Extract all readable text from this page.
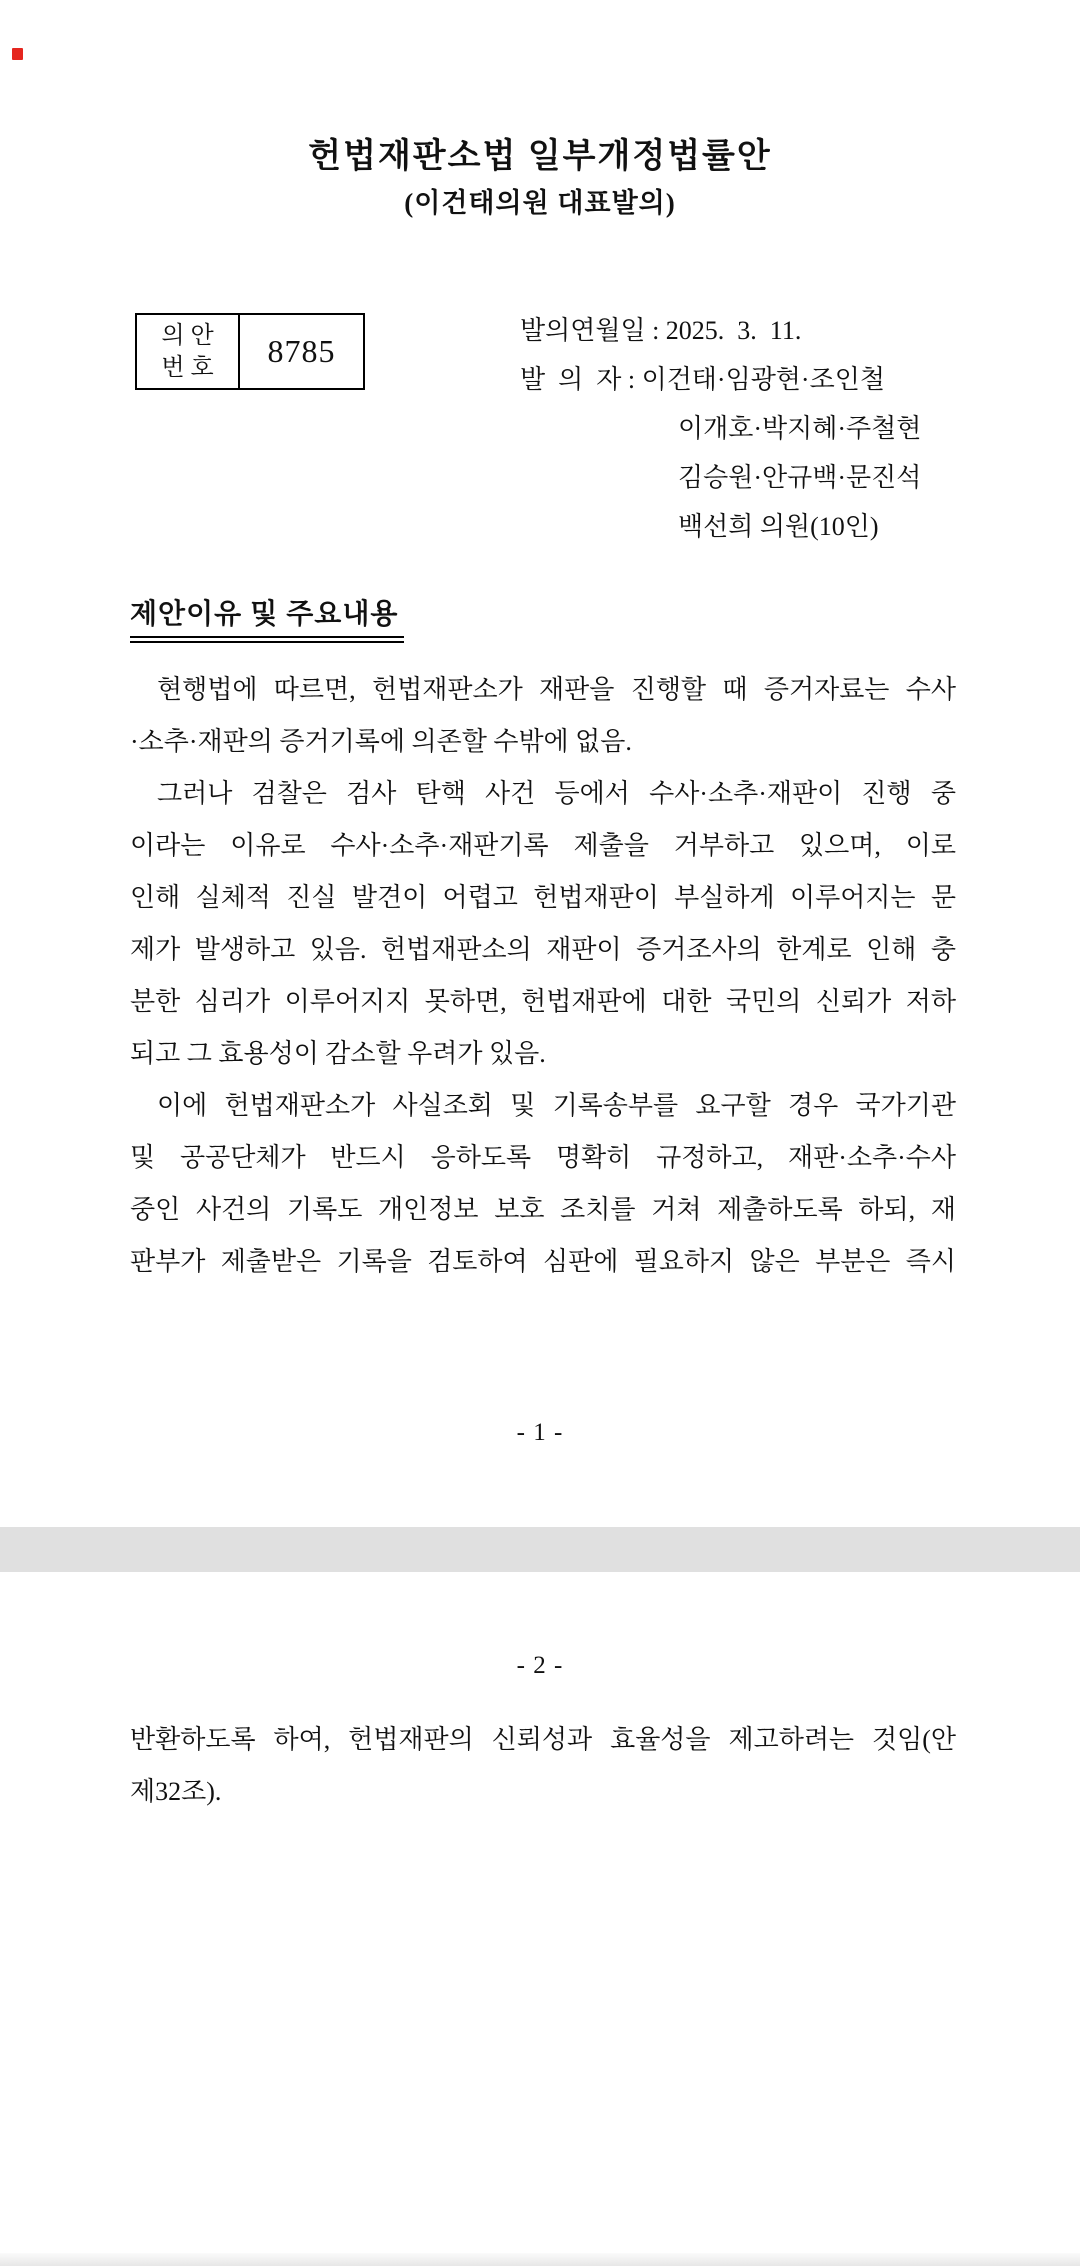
헌법재판소법 일부개정법률안
(이건태의원 대표발의)
의 안
번 호	8785
발의연월일 : 2025.  3.  11.
발  의  자 : 이건태·임광현·조인철
이개호·박지혜·주철현
김승원·안규백·문진석
백선희 의원(10인)
제안이유 및 주요내용
현행법에 따르면, 헌법재판소가 재판을 진행할 때 증거자료는 수사
·소추·재판의 증거기록에 의존할 수밖에 없음.
그러나 검찰은 검사 탄핵 사건 등에서 수사·소추·재판이 진행 중
이라는 이유로 수사·소추·재판기록 제출을 거부하고 있으며, 이로
인해 실체적 진실 발견이 어렵고 헌법재판이 부실하게 이루어지는 문
제가 발생하고 있음. 헌법재판소의 재판이 증거조사의 한계로 인해 충
분한 심리가 이루어지지 못하면, 헌법재판에 대한 국민의 신뢰가 저하
되고 그 효용성이 감소할 우려가 있음.
이에 헌법재판소가 사실조회 및 기록송부를 요구할 경우 국가기관
및 공공단체가 반드시 응하도록 명확히 규정하고, 재판·소추·수사
중인 사건의 기록도 개인정보 보호 조치를 거쳐 제출하도록 하되, 재
판부가 제출받은 기록을 검토하여 심판에 필요하지 않은 부분은 즉시
- 1 -
- 2 -
반환하도록 하여, 헌법재판의 신뢰성과 효율성을 제고하려는 것임(안
제32조).
